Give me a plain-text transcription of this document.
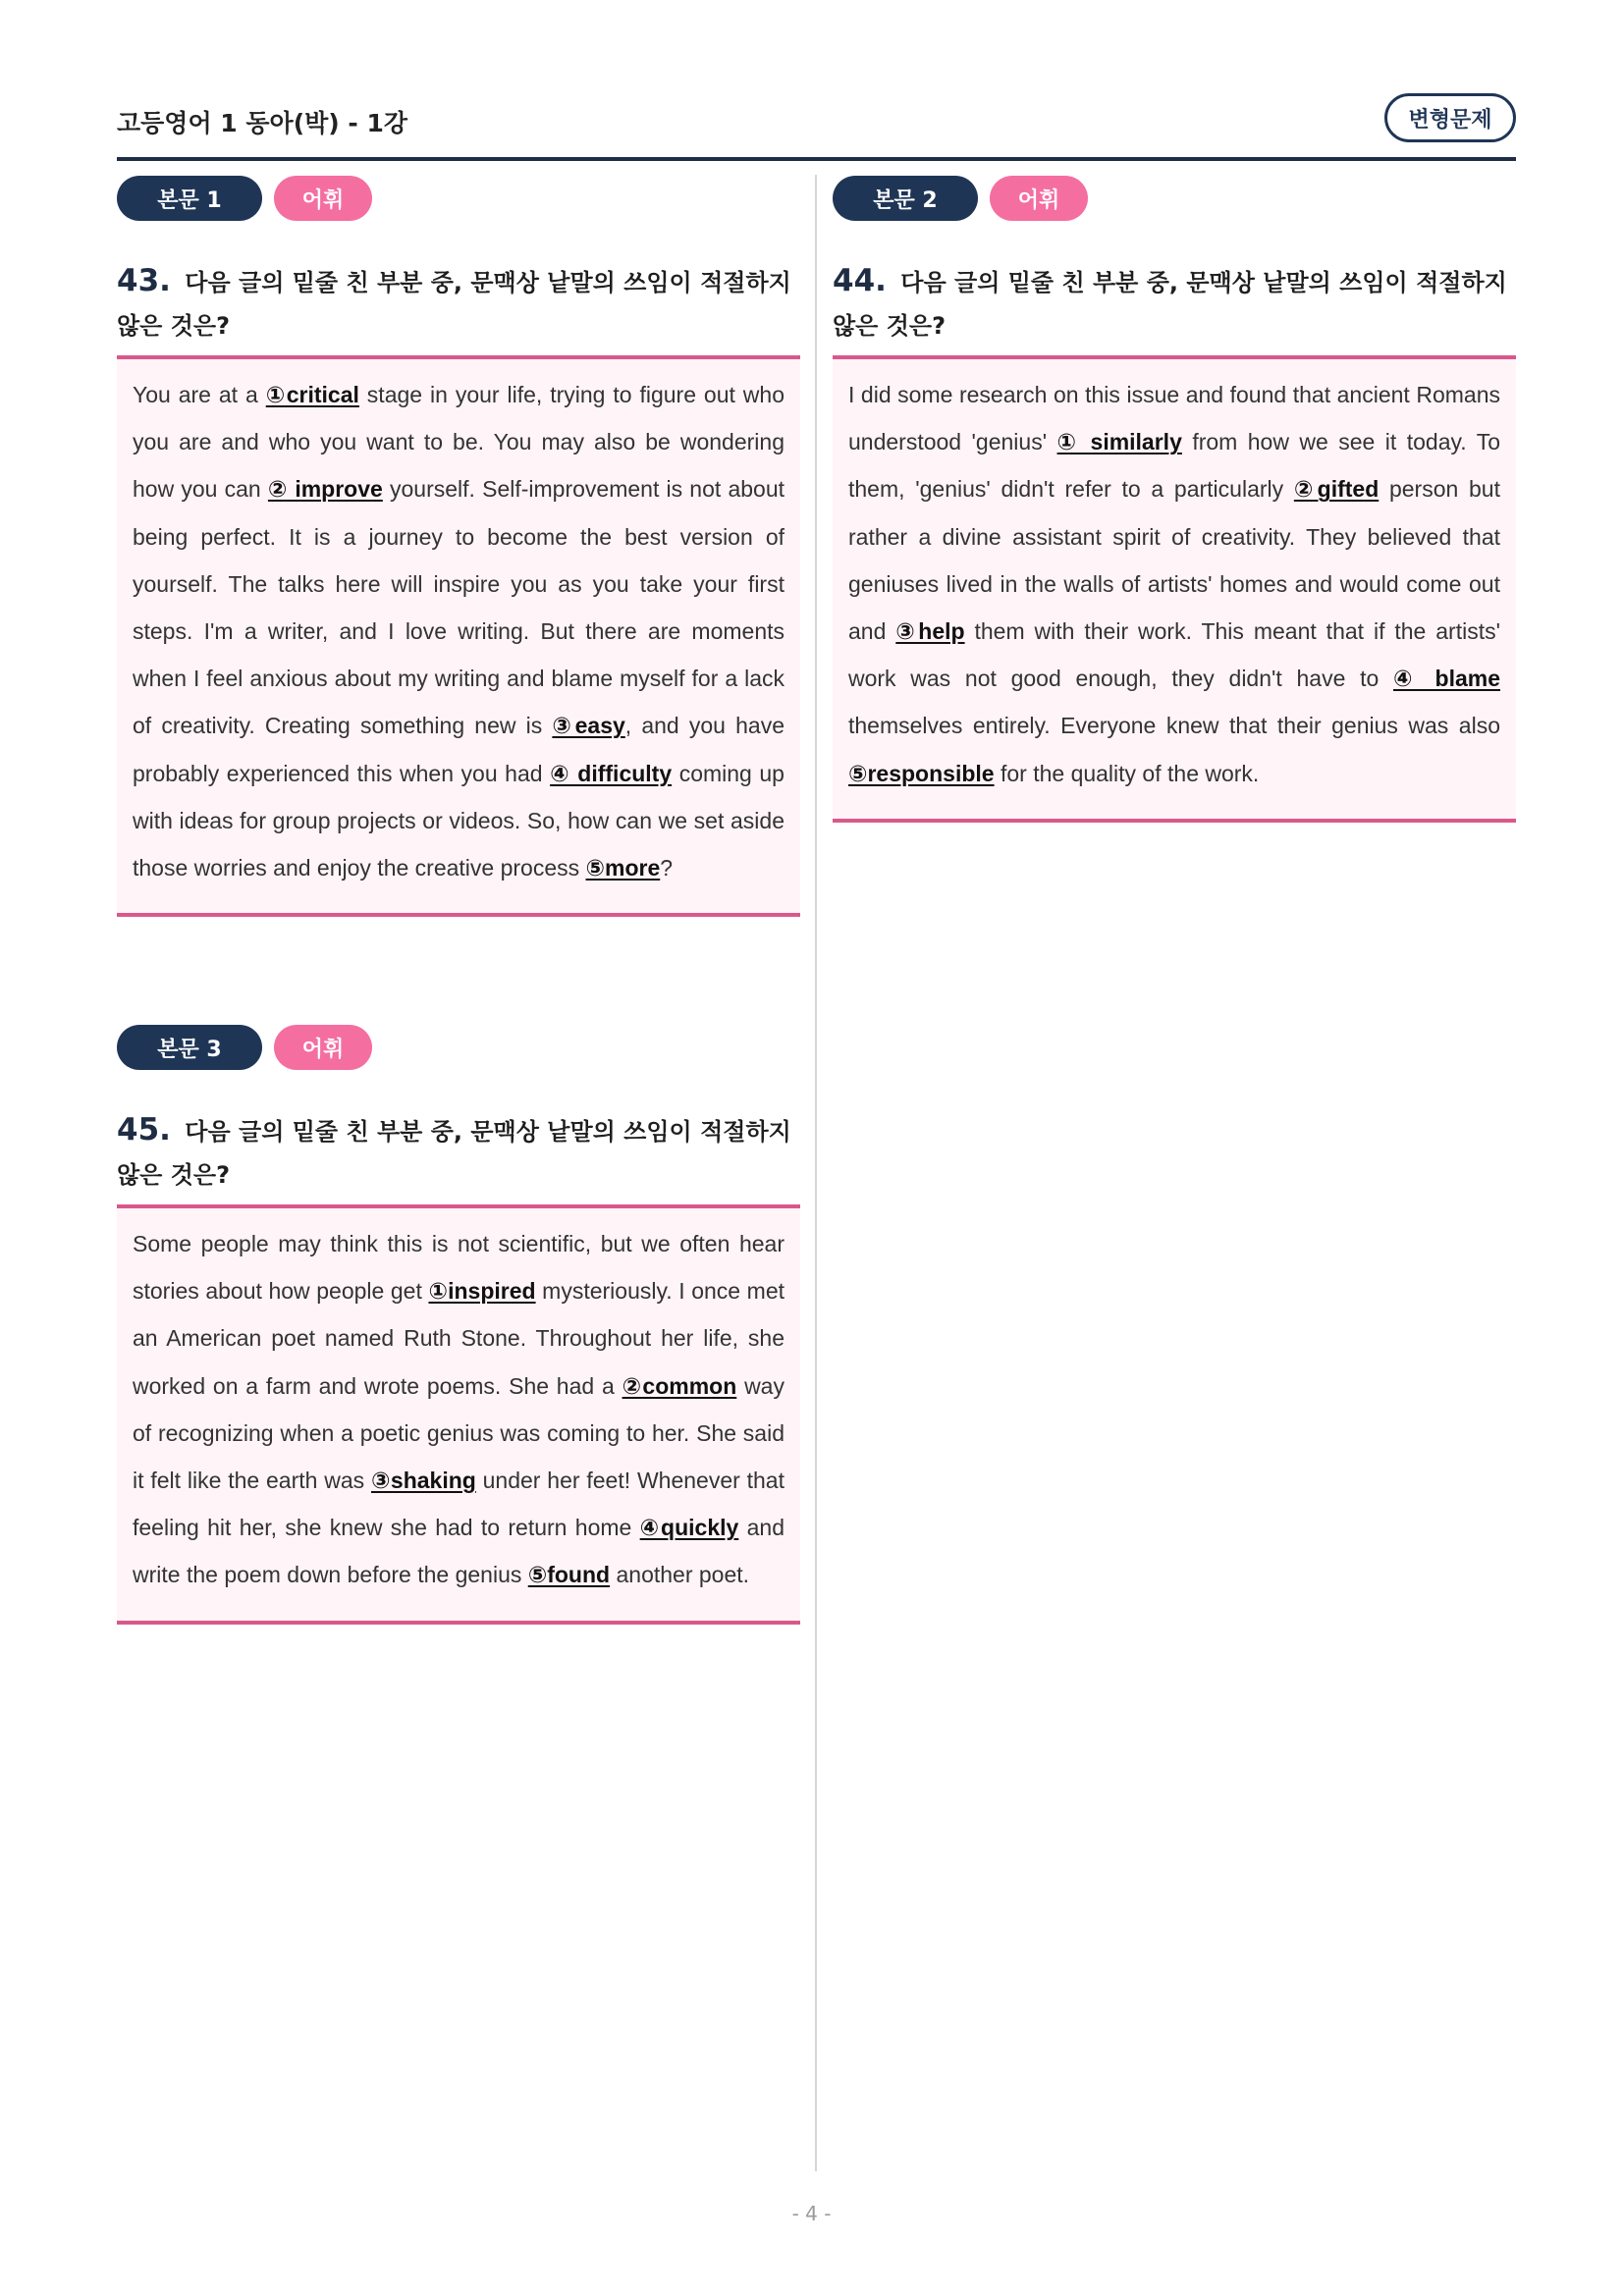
고등영어 1 동아(박) - 1강	변형문제
본문 1	어휘
43. 다음 글의 밑줄 친 부분 중, 문맥상 낱말의 쓰임이 적절하지 않은 것은?
You are at a ①critical stage in your life, trying to figure out who you are and who you want to be. You may also be wondering how you can ② improve yourself. Self-improvement is not about being perfect. It is a journey to become the best version of yourself. The talks here will inspire you as you take your first steps. I'm a writer, and I love writing. But there are moments when I feel anxious about my writing and blame myself for a lack of creativity. Creating something new is ③easy, and you have probably experienced this when you had ④ difficulty coming up with ideas for group projects or videos. So, how can we set aside those worries and enjoy the creative process ⑤more?
본문 2	어휘
44. 다음 글의 밑줄 친 부분 중, 문맥상 낱말의 쓰임이 적절하지 않은 것은?
I did some research on this issue and found that ancient Romans understood 'genius' ① similarly from how we see it today. To them, 'genius' didn't refer to a particularly ②gifted person but rather a divine assistant spirit of creativity. They believed that geniuses lived in the walls of artists' homes and would come out and ③help them with their work. This meant that if the artists' work was not good enough, they didn't have to ④ blame themselves entirely. Everyone knew that their genius was also ⑤responsible for the quality of the work.
본문 3	어휘
45. 다음 글의 밑줄 친 부분 중, 문맥상 낱말의 쓰임이 적절하지 않은 것은?
Some people may think this is not scientific, but we often hear stories about how people get ①inspired mysteriously. I once met an American poet named Ruth Stone. Throughout her life, she worked on a farm and wrote poems. She had a ②common way of recognizing when a poetic genius was coming to her. She said it felt like the earth was ③shaking under her feet! Whenever that feeling hit her, she knew she had to return home ④quickly and write the poem down before the genius ⑤found another poet.
- 4 -
